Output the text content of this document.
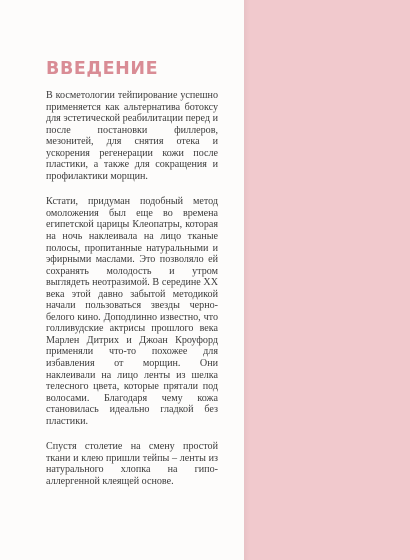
ВВЕДЕНИЕ

В косметологии тейпирование успешно применяется как альтернатива ботоксу для эстетической реабилитации перед и после постановки филлеров, мезонитей, для снятия отека и ускорения регенерации кожи после пластики, а также для сокращения и профилактики морщин.

Кстати, придуман подобный метод омоложения был еще во времена египетской царицы Клеопатры, которая на ночь наклеивала на лицо тканые полосы, пропитанные натуральными и эфирными маслами. Это позволяло ей сохранять молодость и утром выглядеть неотразимой. В середине XX века этой давно забытой методикой начали пользоваться звезды черно-белого кино. Доподлинно известно, что голливудские актрисы прошлого века Марлен Дитрих и Джоан Кроуфорд применяли что-то похожее для избавления от морщин. Они наклеивали на лицо ленты из шелка телесного цвета, которые прятали под волосами. Благодаря чему кожа становилась идеально гладкой без пластики.

Спустя столетие на смену простой ткани и клею пришли тейпы – ленты из натурального хлопка на гипоаллергенной клеящей основе.
